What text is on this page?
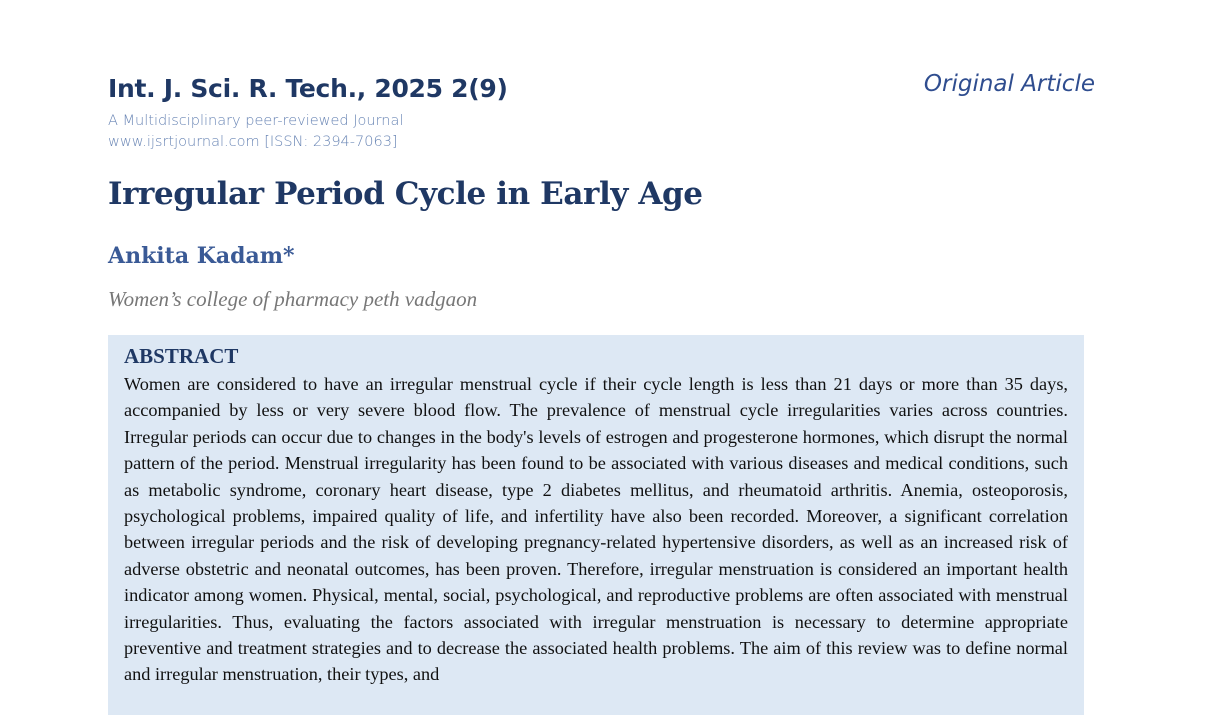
Int. J. Sci. R. Tech., 2025 2(9)	Original Article
A Multidisciplinary peer-reviewed Journal
www.ijsrtjournal.com [ISSN: 2394-7063]
Irregular Period Cycle in Early Age
Ankita Kadam*
Women’s college of pharmacy peth vadgaon
ABSTRACT

Women are considered to have an irregular menstrual cycle if their cycle length is less than 21 days or more than 35 days, accompanied by less or very severe blood flow. The prevalence of menstrual cycle irregularities varies across countries. Irregular periods can occur due to changes in the body's levels of estrogen and progesterone hormones, which disrupt the normal pattern of the period. Menstrual irregularity has been found to be associated with various diseases and medical conditions, such as metabolic syndrome, coronary heart disease, type 2 diabetes mellitus, and rheumatoid arthritis. Anemia, osteoporosis, psychological problems, impaired quality of life, and infertility have also been recorded. Moreover, a significant correlation between irregular periods and the risk of developing pregnancy-related hypertensive disorders, as well as an increased risk of adverse obstetric and neonatal outcomes, has been proven. Therefore, irregular menstruation is considered an important health indicator among women. Physical, mental, social, psychological, and reproductive problems are often associated with menstrual irregularities. Thus, evaluating the factors associated with irregular menstruation is necessary to determine appropriate preventive and treatment strategies and to decrease the associated health problems. The aim of this review was to define normal and irregular menstruation, their types, and
